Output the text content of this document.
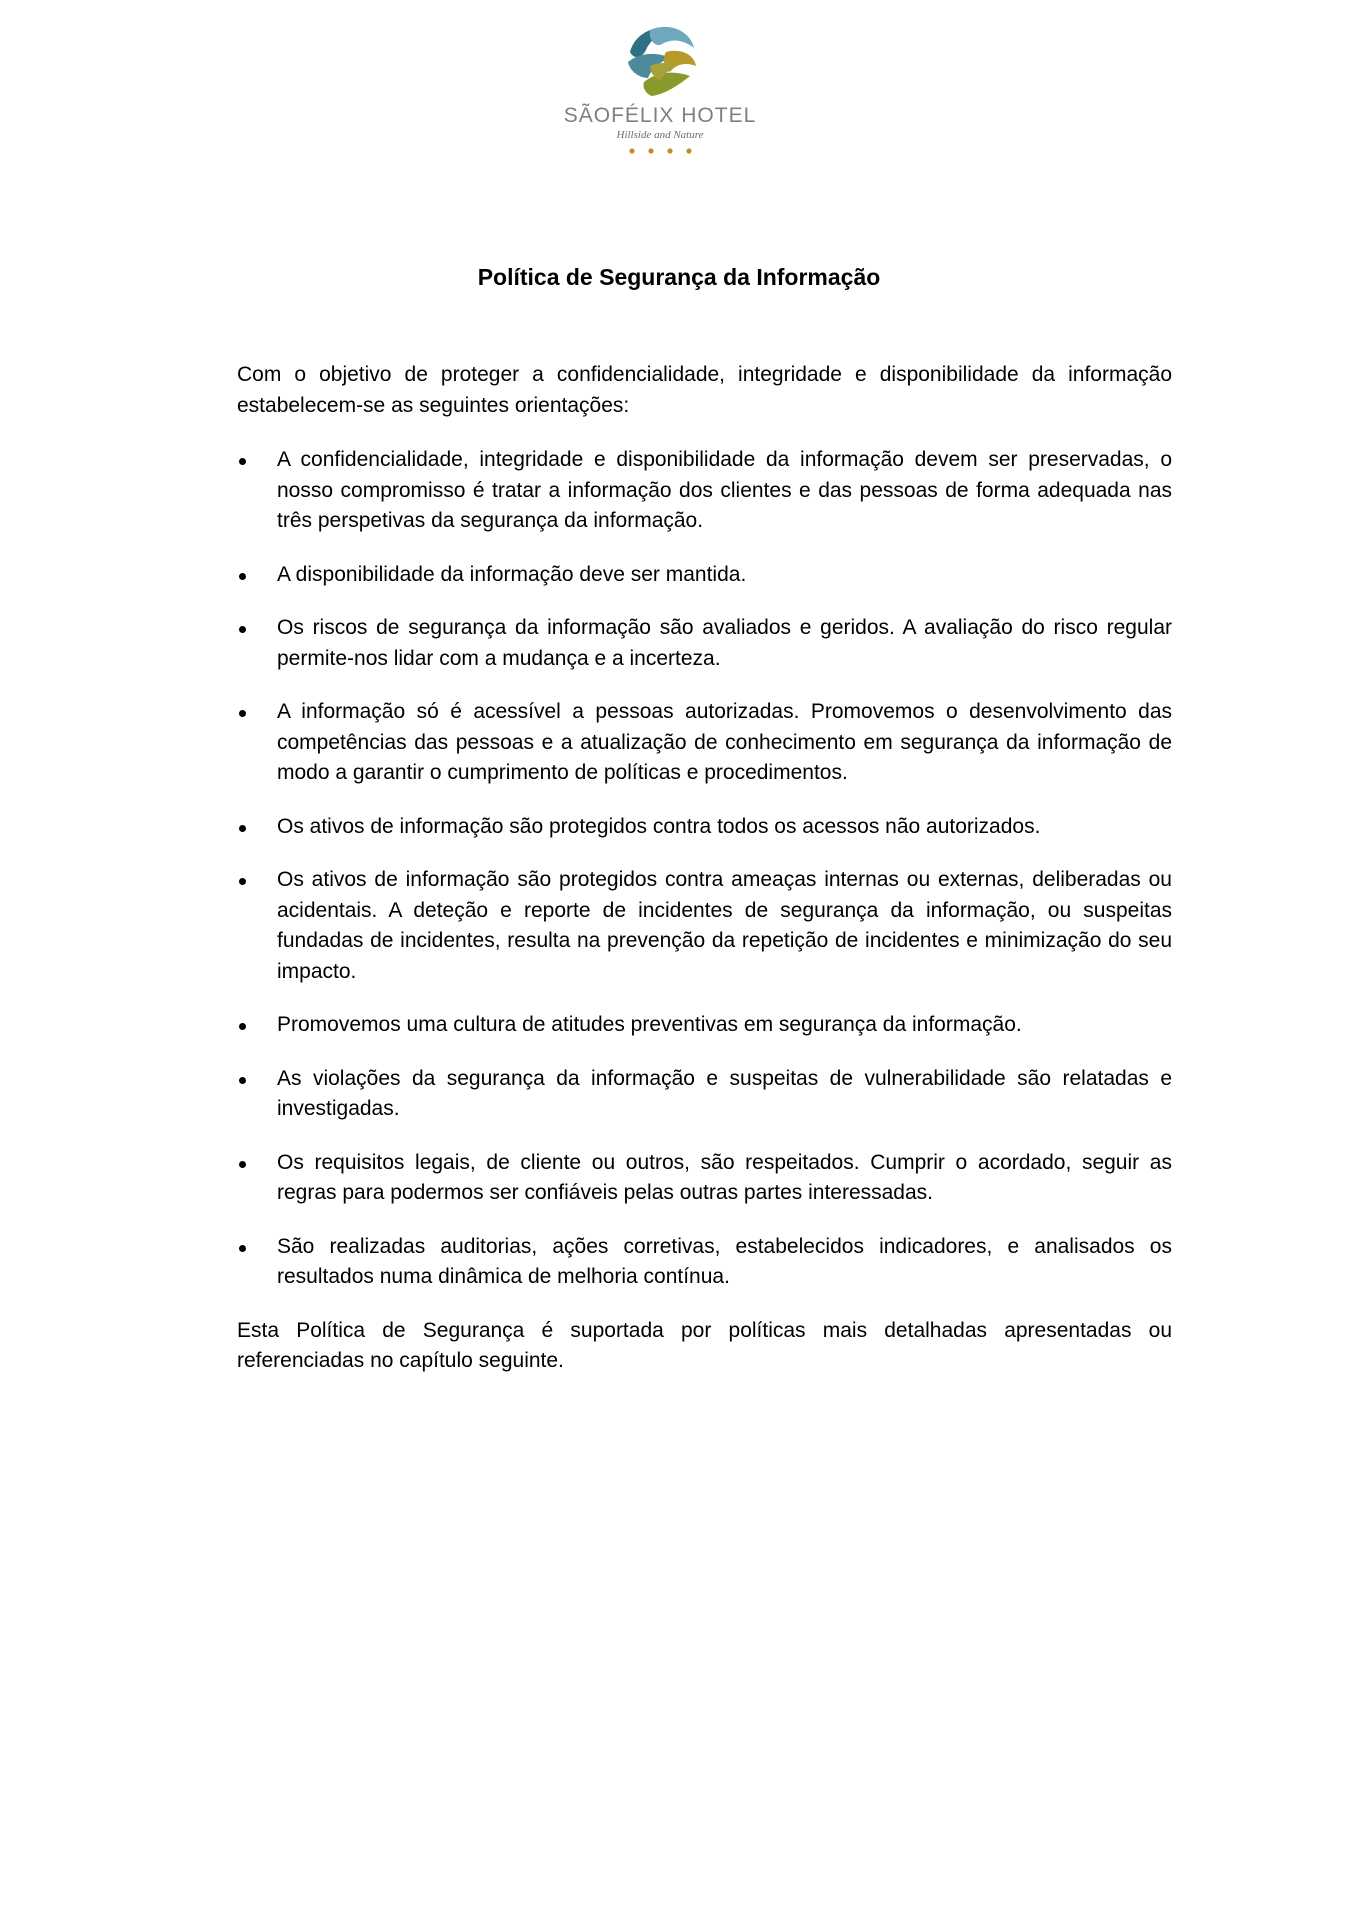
SÃOFÉLIX HOTEL
Hillside and Nature
Política de Segurança da Informação

Com o objetivo de proteger a confidencialidade, integridade e disponibilidade da informação estabelecem-se as seguintes orientações:

A confidencialidade, integridade e disponibilidade da informação devem ser preservadas, o nosso compromisso é tratar a informação dos clientes e das pessoas de forma adequada nas três perspetivas da segurança da informação.
A disponibilidade da informação deve ser mantida.
Os riscos de segurança da informação são avaliados e geridos. A avaliação do risco regular permite-nos lidar com a mudança e a incerteza.
A informação só é acessível a pessoas autorizadas. Promovemos o desenvolvimento das competências das pessoas e a atualização de conhecimento em segurança da informação de modo a garantir o cumprimento de políticas e procedimentos.
Os ativos de informação são protegidos contra todos os acessos não autorizados.
Os ativos de informação são protegidos contra ameaças internas ou externas, deliberadas ou acidentais. A deteção e reporte de incidentes de segurança da informação, ou suspeitas fundadas de incidentes, resulta na prevenção da repetição de incidentes e minimização do seu impacto.
Promovemos uma cultura de atitudes preventivas em segurança da informação.
As violações da segurança da informação e suspeitas de vulnerabilidade são relatadas e investigadas.
Os requisitos legais, de cliente ou outros, são respeitados. Cumprir o acordado, seguir as regras para podermos ser confiáveis pelas outras partes interessadas.
São realizadas auditorias, ações corretivas, estabelecidos indicadores, e analisados os resultados numa dinâmica de melhoria contínua.

Esta Política de Segurança é suportada por políticas mais detalhadas apresentadas ou referenciadas no capítulo seguinte.
